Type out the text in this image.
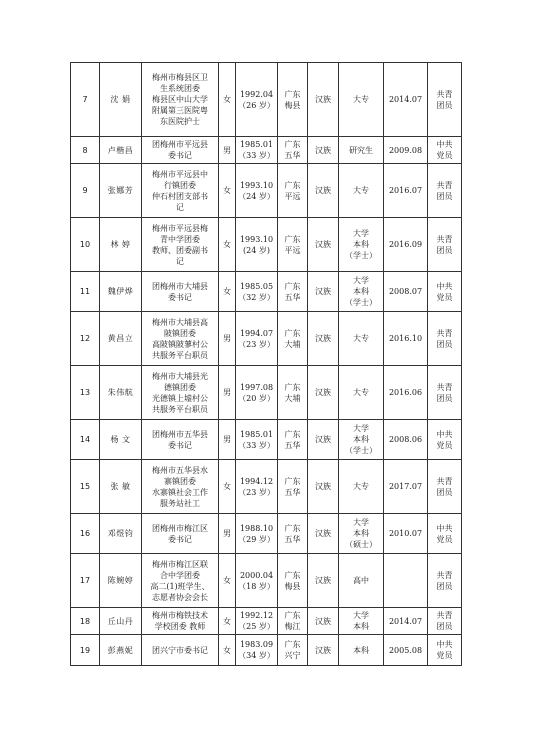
7	沈 娟	梅州市梅县区卫
生系统团委
梅县区中山大学
附属第三医院粤
东医院护士	女	1992.04
（26 岁）	广东
梅县	汉族	大专	2014.07	共青
团员

8	卢楷昌	团梅州市平远县
委书记	男	1985.01
（33 岁）	广东
五华	汉族	研究生	2009.08	中共
党员

9	张娜芳	梅州市平远县中
行镇团委
仲石村团支部书
记	女	1993.10
（24 岁）	广东
平远	汉族	大专	2016.07	共青
团员

10	林 婷	梅州市平远县梅
青中学团委
教师、团委副书
记	女	1993.10
(24 岁)	广东
平远	汉族	大学
本科
（学士）	2016.09	共青
团员

11	魏伊烨	团梅州市大埔县
委书记	女	1985.05
（32 岁）	广东
五华	汉族	大学
本科
（学士）	2008.07	中共
党员

12	黄昌立	梅州市大埔县高
陂镇团委
高陂镇陂蓼村公
共服务平台职员	男	1994.07
（23 岁）	广东
大埔	汉族	大专	2016.10	共青
团员

13	朱伟航	梅州市大埔县光
德镇团委
光德镇上墟村公
共服务平台职员	男	1997.08
（20 岁）	广东
大埔	汉族	大专	2016.06	共青
团员

14	杨 文	团梅州市五华县
委书记	男	1985.01
（33 岁）	广东
五华	汉族	大学
本科
（学士）	2008.06	中共
党员

15	张 敏	梅州市五华县水
寨镇团委
水寨镇社会工作
服务站社工	女	1994.12
（23 岁）	广东
五华	汉族	大专	2017.07	共青
团员

16	邓煜钧	团梅州市梅江区
委书记	男	1988.10
（29 岁）	广东
五华	汉族	大学
本科
（硕士）	2010.07	中共
党员

17	陈婉婷	梅州市梅江区联
合中学团委
高二(1)班学生、
志愿者协会会长	女	2000.04
（18 岁）	广东
梅县	汉族	高中		共青
团员

18	丘山丹	梅州市梅铁技术
学校团委 教师	女	1992.12
（25 岁）	广东
梅江	汉族	大学
本科	2014.07	共青
团员

19	彭燕妮	团兴宁市委书记	女	1983.09
（34 岁）	广东
兴宁	汉族	本科	2005.08	中共
党员
